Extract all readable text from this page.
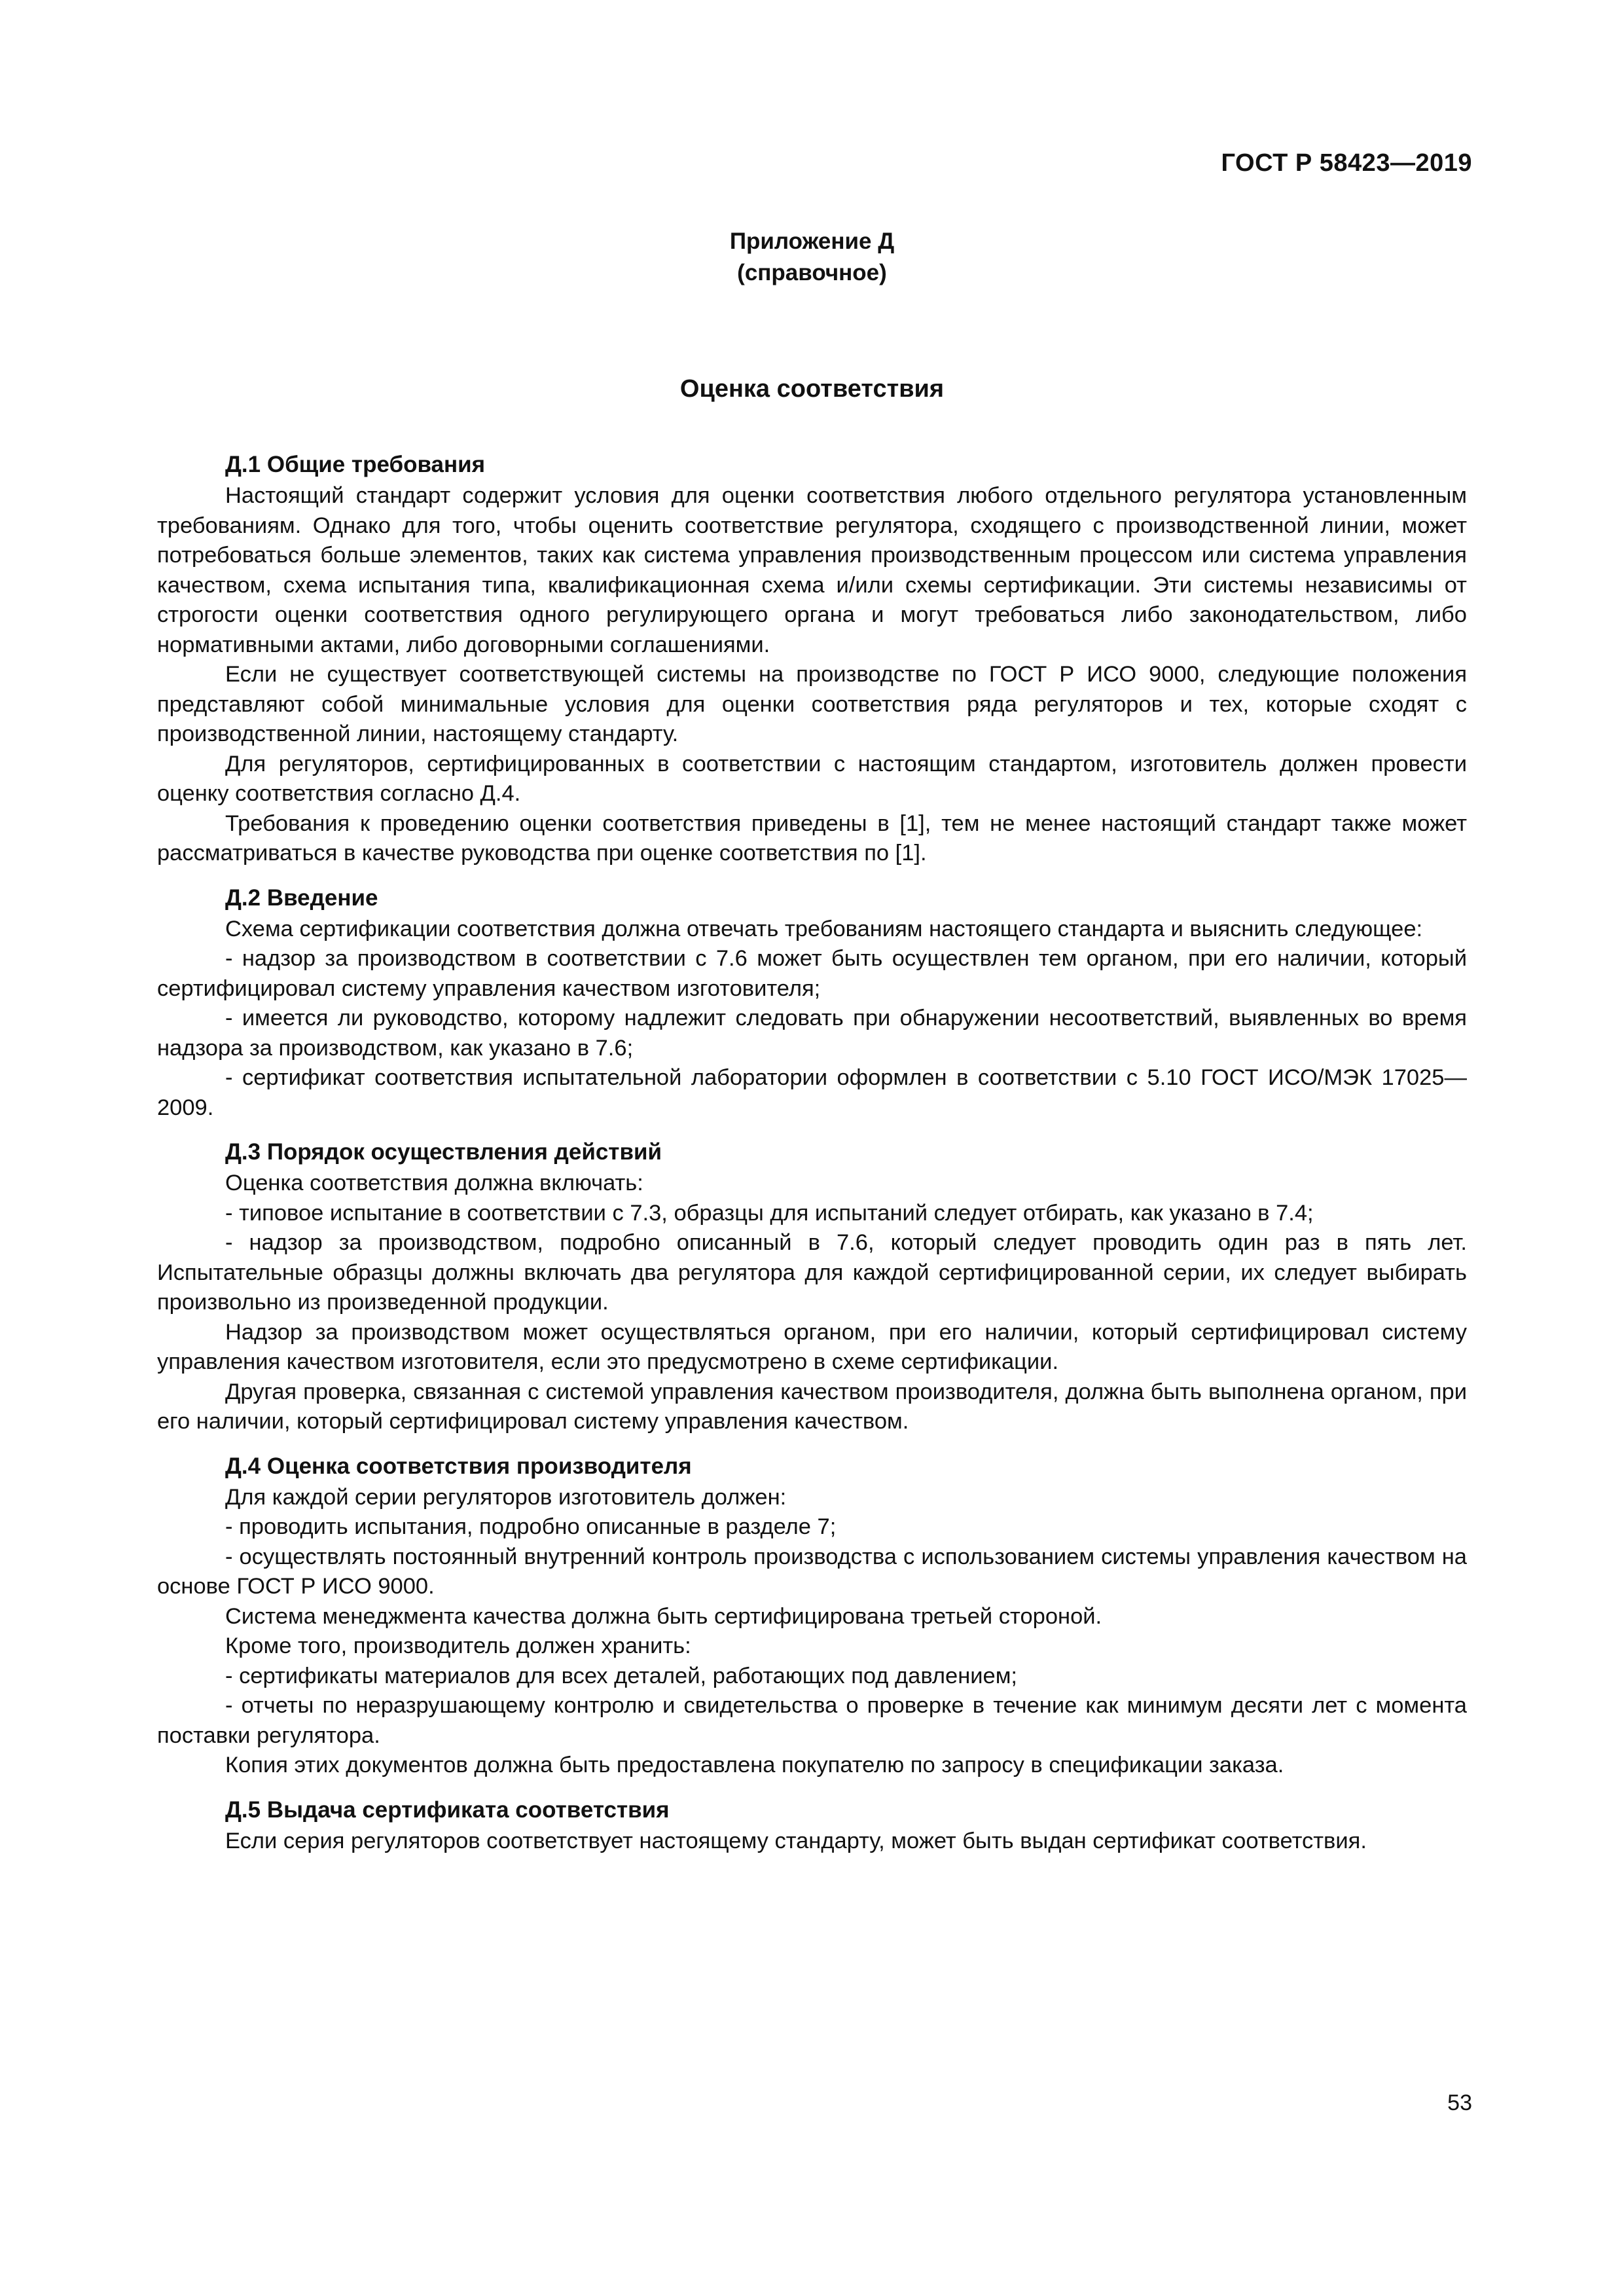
ГОСТ Р 58423—2019

Приложение Д
(справочное)
Оценка соответствия
Д.1 Общие требования

Настоящий стандарт содержит условия для оценки соответствия любого отдельного регулятора установленным требованиям. Однако для того, чтобы оценить соответствие регулятора, сходящего с производственной линии, может потребоваться больше элементов, таких как система управления производственным процессом или система управления качеством, схема испытания типа, квалификационная схема и/или схемы сертификации. Эти системы независимы от строгости оценки соответствия одного регулирующего органа и могут требоваться либо законодательством, либо нормативными актами, либо договорными соглашениями.

Если не существует соответствующей системы на производстве по ГОСТ Р ИСО 9000, следующие положения представляют собой минимальные условия для оценки соответствия ряда регуляторов и тех, которые сходят с производственной линии, настоящему стандарту.

Для регуляторов, сертифицированных в соответствии с настоящим стандартом, изготовитель должен провести оценку соответствия согласно Д.4.

Требования к проведению оценки соответствия приведены в [1], тем не менее настоящий стандарт также может рассматриваться в качестве руководства при оценке соответствия по [1].

Д.2 Введение

Схема сертификации соответствия должна отвечать требованиям настоящего стандарта и выяснить следующее:

- надзор за производством в соответствии с 7.6 может быть осуществлен тем органом, при его наличии, который сертифицировал систему управления качеством изготовителя;

- имеется ли руководство, которому надлежит следовать при обнаружении несоответствий, выявленных во время надзора за производством, как указано в 7.6;

- сертификат соответствия испытательной лаборатории оформлен в соответствии с 5.10 ГОСТ ИСО/МЭК 17025—2009.

Д.3 Порядок осуществления действий

Оценка соответствия должна включать:

- типовое испытание в соответствии с 7.3, образцы для испытаний следует отбирать, как указано в 7.4;

- надзор за производством, подробно описанный в 7.6, который следует проводить один раз в пять лет. Испытательные образцы должны включать два регулятора для каждой сертифицированной серии, их следует выбирать произвольно из произведенной продукции.

Надзор за производством может осуществляться органом, при его наличии, который сертифицировал систему управления качеством изготовителя, если это предусмотрено в схеме сертификации.

Другая проверка, связанная с системой управления качеством производителя, должна быть выполнена органом, при его наличии, который сертифицировал систему управления качеством.

Д.4 Оценка соответствия производителя

Для каждой серии регуляторов изготовитель должен:

- проводить испытания, подробно описанные в разделе 7;

- осуществлять постоянный внутренний контроль производства с использованием системы управления качеством на основе ГОСТ Р ИСО 9000.

Система менеджмента качества должна быть сертифицирована третьей стороной.

Кроме того, производитель должен хранить:

- сертификаты материалов для всех деталей, работающих под давлением;

- отчеты по неразрушающему контролю и свидетельства о проверке в течение как минимум десяти лет с момента поставки регулятора.

Копия этих документов должна быть предоставлена покупателю по запросу в спецификации заказа.

Д.5 Выдача сертификата соответствия

Если серия регуляторов соответствует настоящему стандарту, может быть выдан сертификат соответствия.

53
